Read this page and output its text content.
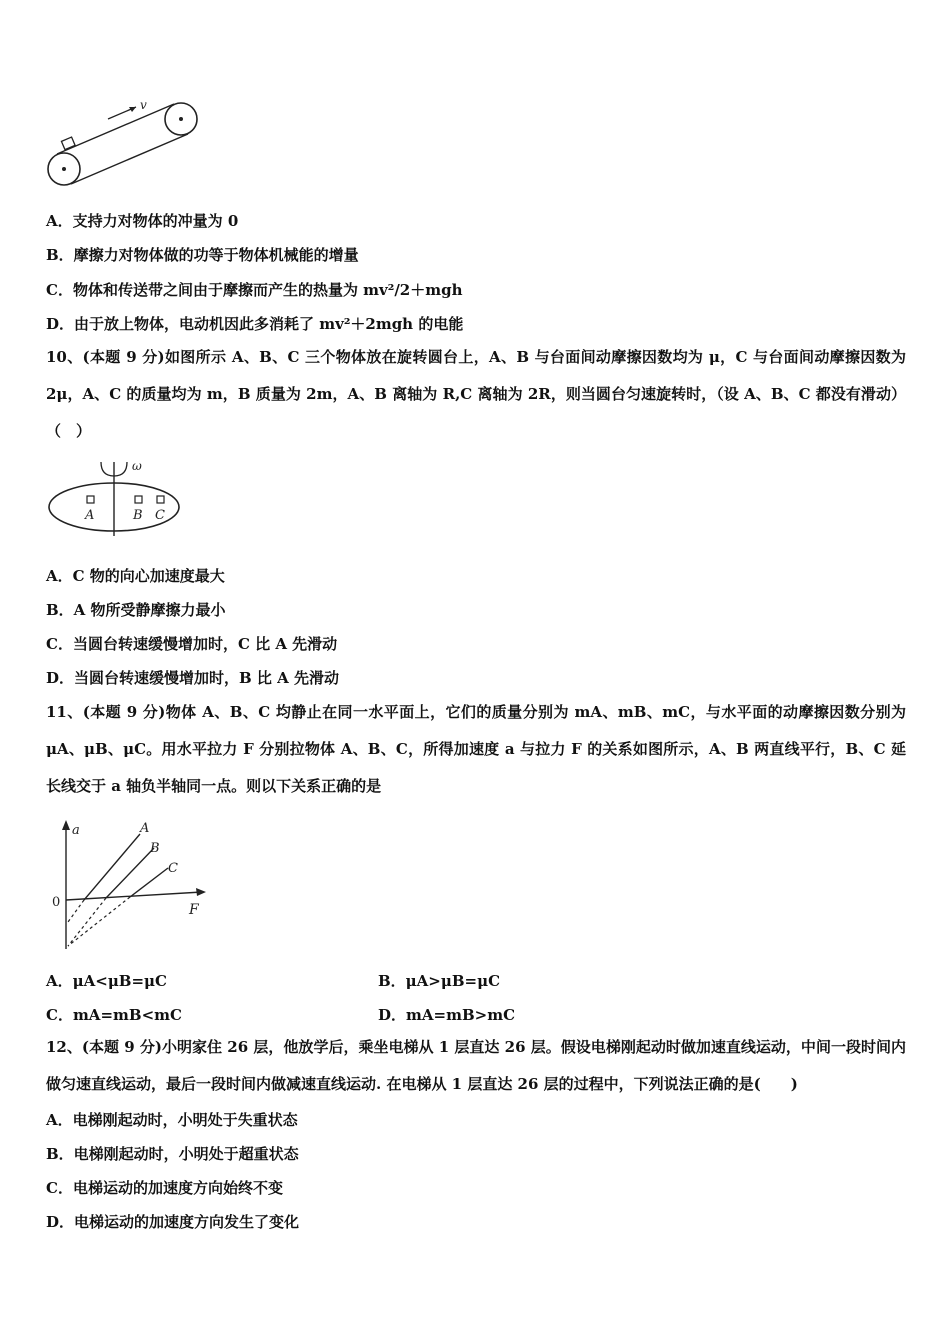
v
A．支持力对物体的冲量为 0
B．摩擦力对物体做的功等于物体机械能的增量
C．物体和传送带之间由于摩擦而产生的热量为 mv²/2＋mgh
D．由于放上物体，电动机因此多消耗了 mv²＋2mgh 的电能
10、(本题 9 分)如图所示 A、B、C 三个物体放在旋转圆台上，A、B 与台面间动摩擦因数均为 μ，C 与台面间动摩擦因数为 2μ，A、C 的质量均为 m，B 质量为 2m，A、B 离轴为 R,C 离轴为 2R，则当圆台匀速旋转时，（设 A、B、C 都没有滑动）（　）
ω
A	B C
A．C 物的向心加速度最大
B．A 物所受静摩擦力最小
C．当圆台转速缓慢增加时，C 比 A 先滑动
D．当圆台转速缓慢增加时，B 比 A 先滑动
11、(本题 9 分)物体 A、B、C 均静止在同一水平面上，它们的质量分别为 mA、mB、mC，与水平面的动摩擦因数分别为 μA、μB、μC。用水平拉力 F 分别拉物体 A、B、C，所得加速度 a 与拉力 F 的关系如图所示，A、B 两直线平行，B、C 延长线交于 a 轴负半轴同一点。则以下关系正确的是
a
F
0
A
B
C
A．μA<μB=μC	B．μA>μB=μC
C．mA=mB<mC	D．mA=mB>mC
12、(本题 9 分)小明家住 26 层，他放学后，乘坐电梯从 1 层直达 26 层。假设电梯刚起动时做加速直线运动，中间一段时间内做匀速直线运动，最后一段时间内做减速直线运动. 在电梯从 1 层直达 26 层的过程中，下列说法正确的是(　　)
A．电梯刚起动时，小明处于失重状态
B．电梯刚起动时，小明处于超重状态
C．电梯运动的加速度方向始终不变
D．电梯运动的加速度方向发生了变化
